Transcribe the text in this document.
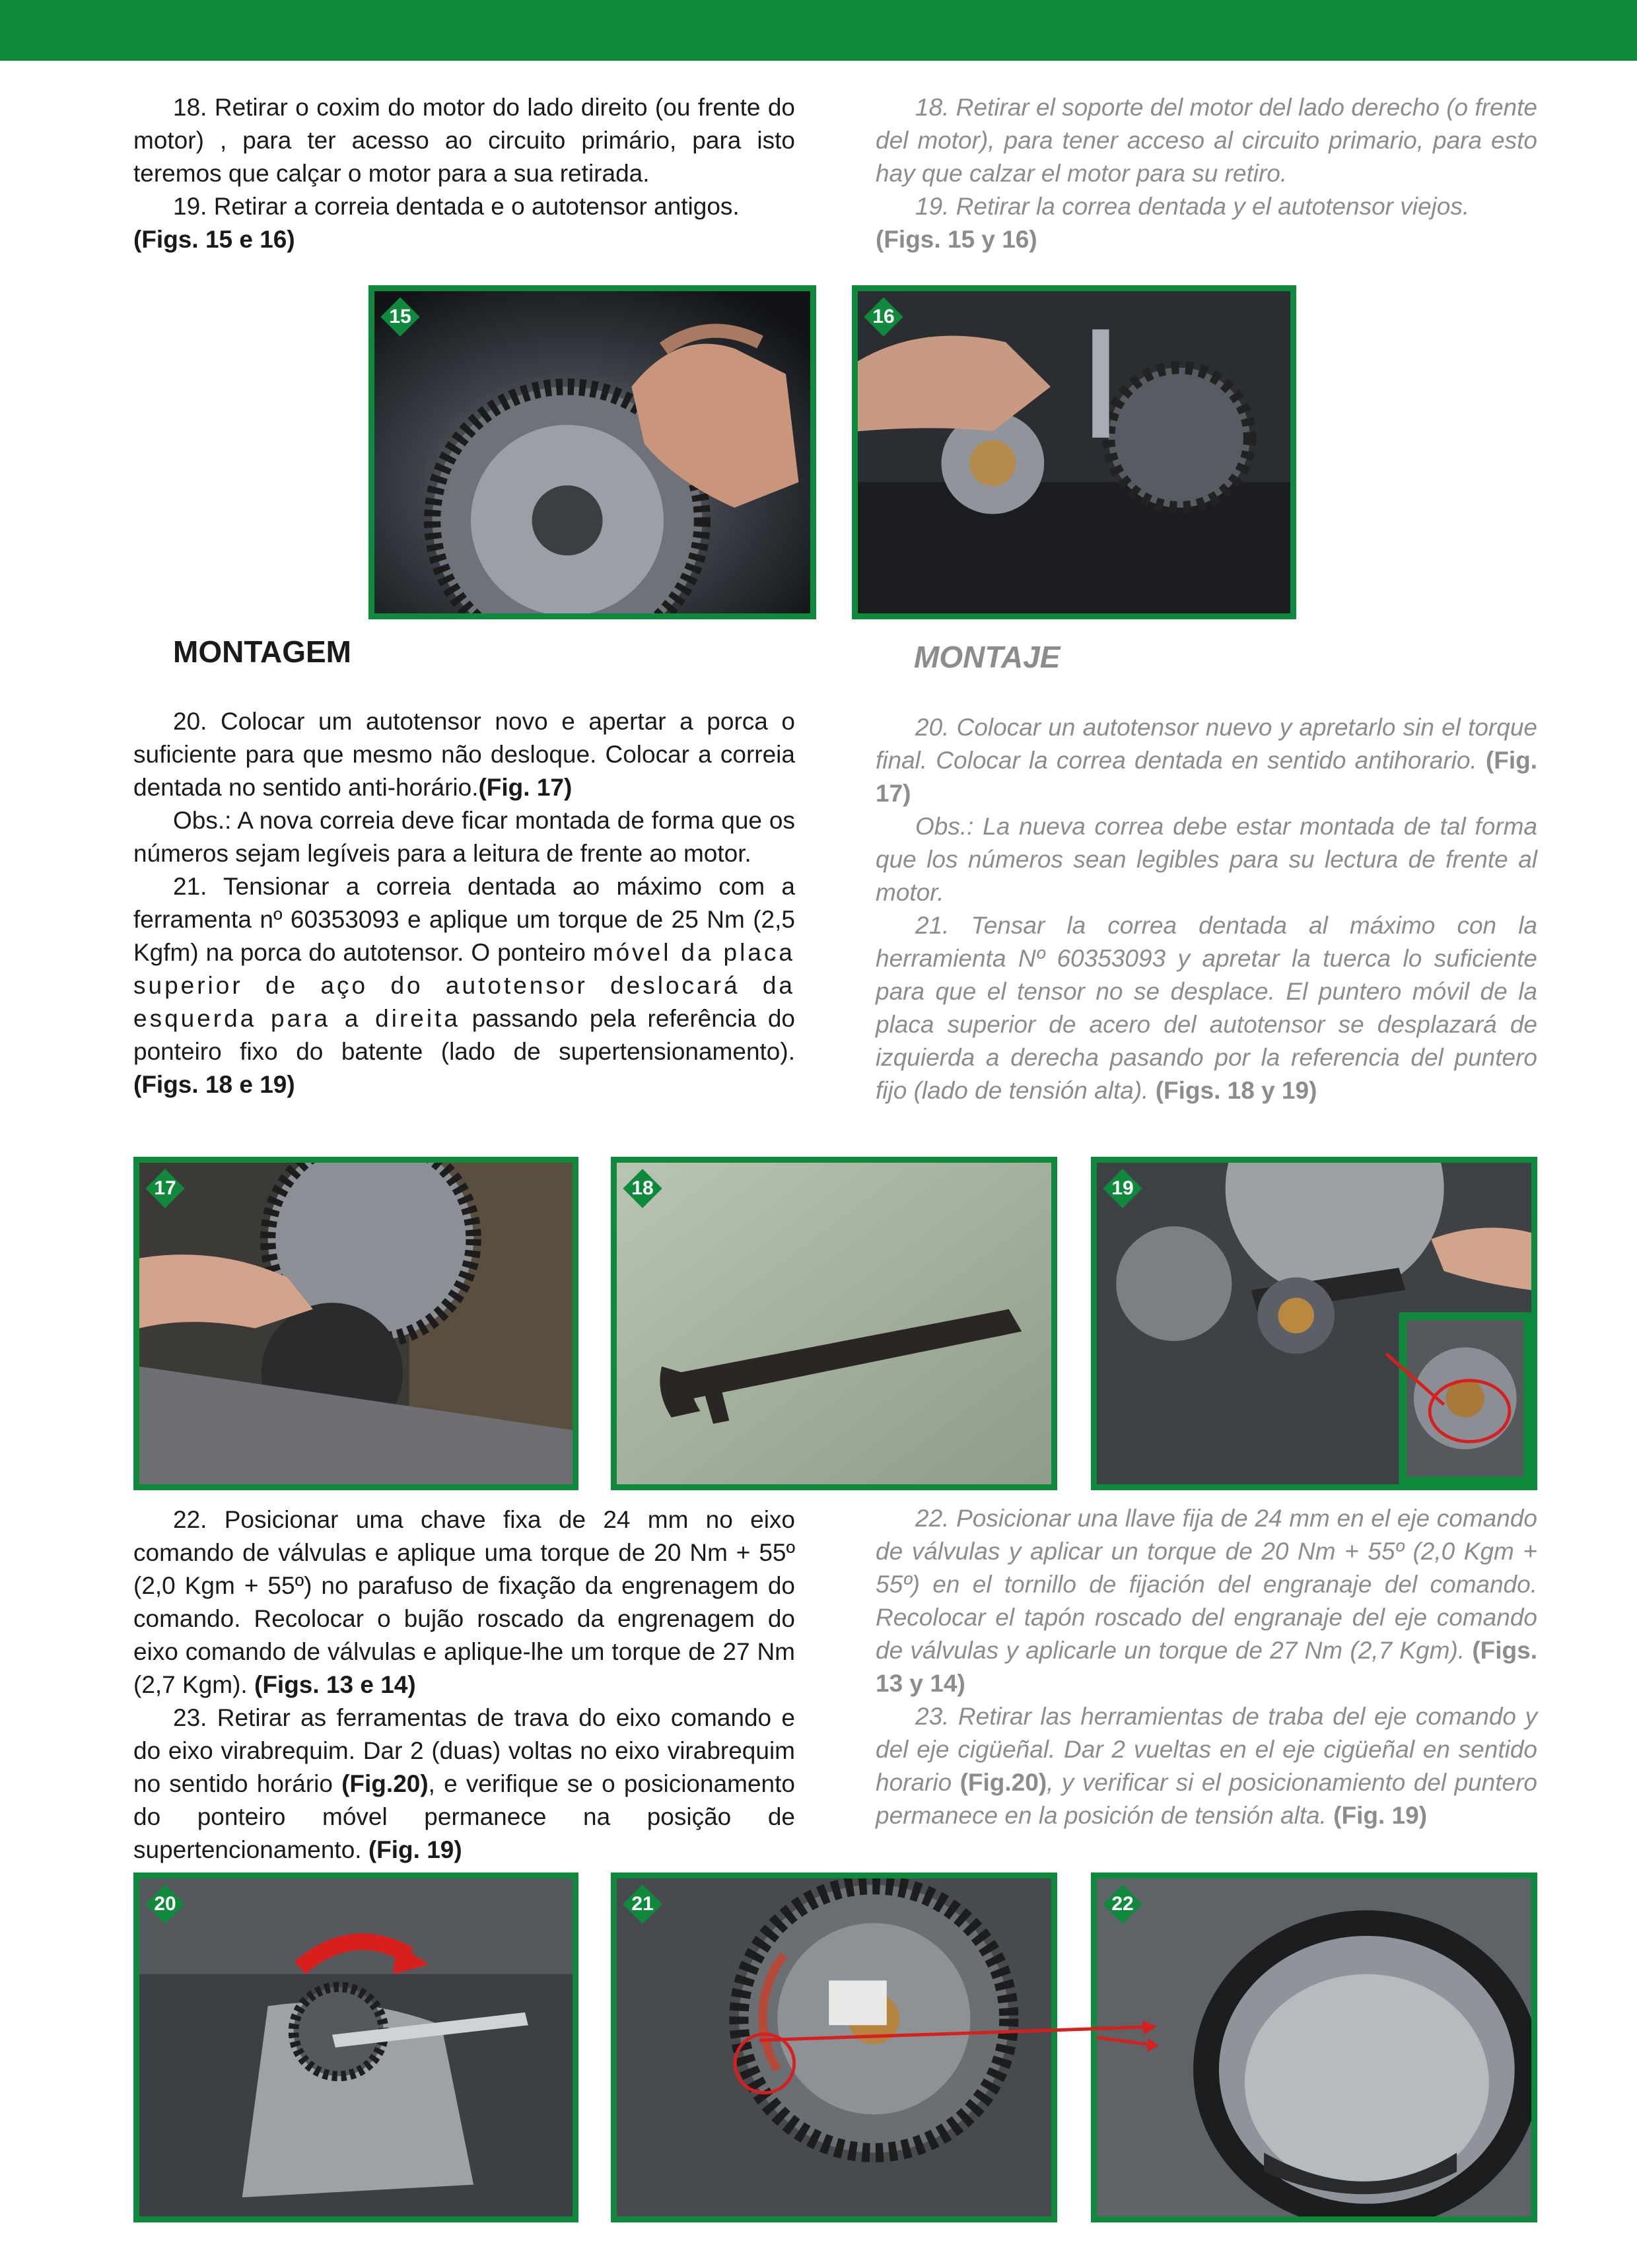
18. Retirar o coxim do motor do lado direito (ou frente do motor) , para ter acesso ao circuito primário, para isto teremos que calçar o motor para a sua retirada.

19. Retirar a correia dentada e o autotensor antigos.
(Figs. 15 e 16)

18. Retirar el soporte del motor del lado derecho (o frente del motor), para tener acceso al circuito primario, para esto hay que calzar el motor para su retiro.

19. Retirar la correa dentada y el autotensor viejos.
(Figs. 15 y 16)

15	16
MONTAGEM	MONTAJE

20. Colocar um autotensor novo e apertar a porca o suficiente para que mesmo não desloque. Colocar a correia dentada no sentido anti-horário.(Fig. 17)

Obs.: A nova correia deve ficar montada de forma que os números sejam legíveis para a leitura de frente ao motor.

21. Tensionar a correia dentada ao máximo com a ferramenta nº 60353093 e aplique um torque de 25 Nm (2,5 Kgfm) na porca do autotensor. O ponteiro móvel da placa superior de aço do autotensor deslocará da esquerda para a direita passando pela referência do ponteiro fixo do batente (lado de supertensionamento). (Figs. 18 e 19)

20. Colocar un autotensor nuevo y apretarlo sin el torque final. Colocar la correa dentada en sentido antihorario. (Fig. 17)

Obs.: La nueva correa debe estar montada de tal forma que los números sean legibles para su lectura de frente al motor.

21. Tensar la correa dentada al máximo con la herramienta Nº 60353093 y apretar la tuerca lo suficiente para que el tensor no se desplace. El puntero móvil de la placa superior de acero del autotensor se desplazará de izquierda a derecha pasando por la referencia del puntero fijo (lado de tensión alta). (Figs. 18 y 19)

17	18	19

22. Posicionar uma chave fixa de 24 mm no eixo comando de válvulas e aplique uma torque de 20 Nm + 55º (2,0 Kgm + 55º) no parafuso de fixação da engrenagem do comando. Recolocar o bujão roscado da engrenagem do eixo comando de válvulas e aplique-lhe um torque de 27 Nm (2,7 Kgm). (Figs. 13 e 14)

23. Retirar as ferramentas de trava do eixo comando e do eixo virabrequim. Dar 2 (duas) voltas no eixo virabrequim no sentido horário (Fig.20), e verifique se o posicionamento do ponteiro móvel permanece na posição de supertencionamento. (Fig. 19)

22. Posicionar una llave fija de 24 mm en el eje comando de válvulas y aplicar un torque de 20 Nm + 55º (2,0 Kgm + 55º) en el tornillo de fijación del engranaje del comando. Recolocar el tapón roscado del engranaje del eje comando de válvulas y aplicarle un torque de 27 Nm (2,7 Kgm). (Figs. 13 y 14)

23. Retirar las herramientas de traba del eje comando y del eje cigüeñal. Dar 2 vueltas en el eje cigüeñal en sentido horario (Fig.20), y verificar si el posicionamiento del puntero permanece en la posición de tensión alta. (Fig. 19)

20	21	22
